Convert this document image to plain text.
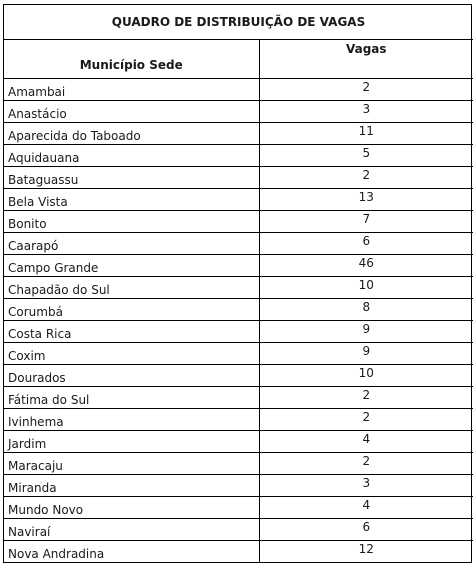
QUADRO DE DISTRIBUIÇÃO DE VAGAS	
Município Sede	Vagas
Amambai	2
Anastácio	3
Aparecida do Taboado	11
Aquidauana	5
Bataguassu	2
Bela Vista	13
Bonito	7
Caarapó	6
Campo Grande	46
Chapadão do Sul	10
Corumbá	8
Costa Rica	9
Coxim	9
Dourados	10
Fátima do Sul	2
Ivinhema	2
Jardim	4
Maracaju	2
Miranda	3
Mundo Novo	4
Naviraí	6
Nova Andradina	12
